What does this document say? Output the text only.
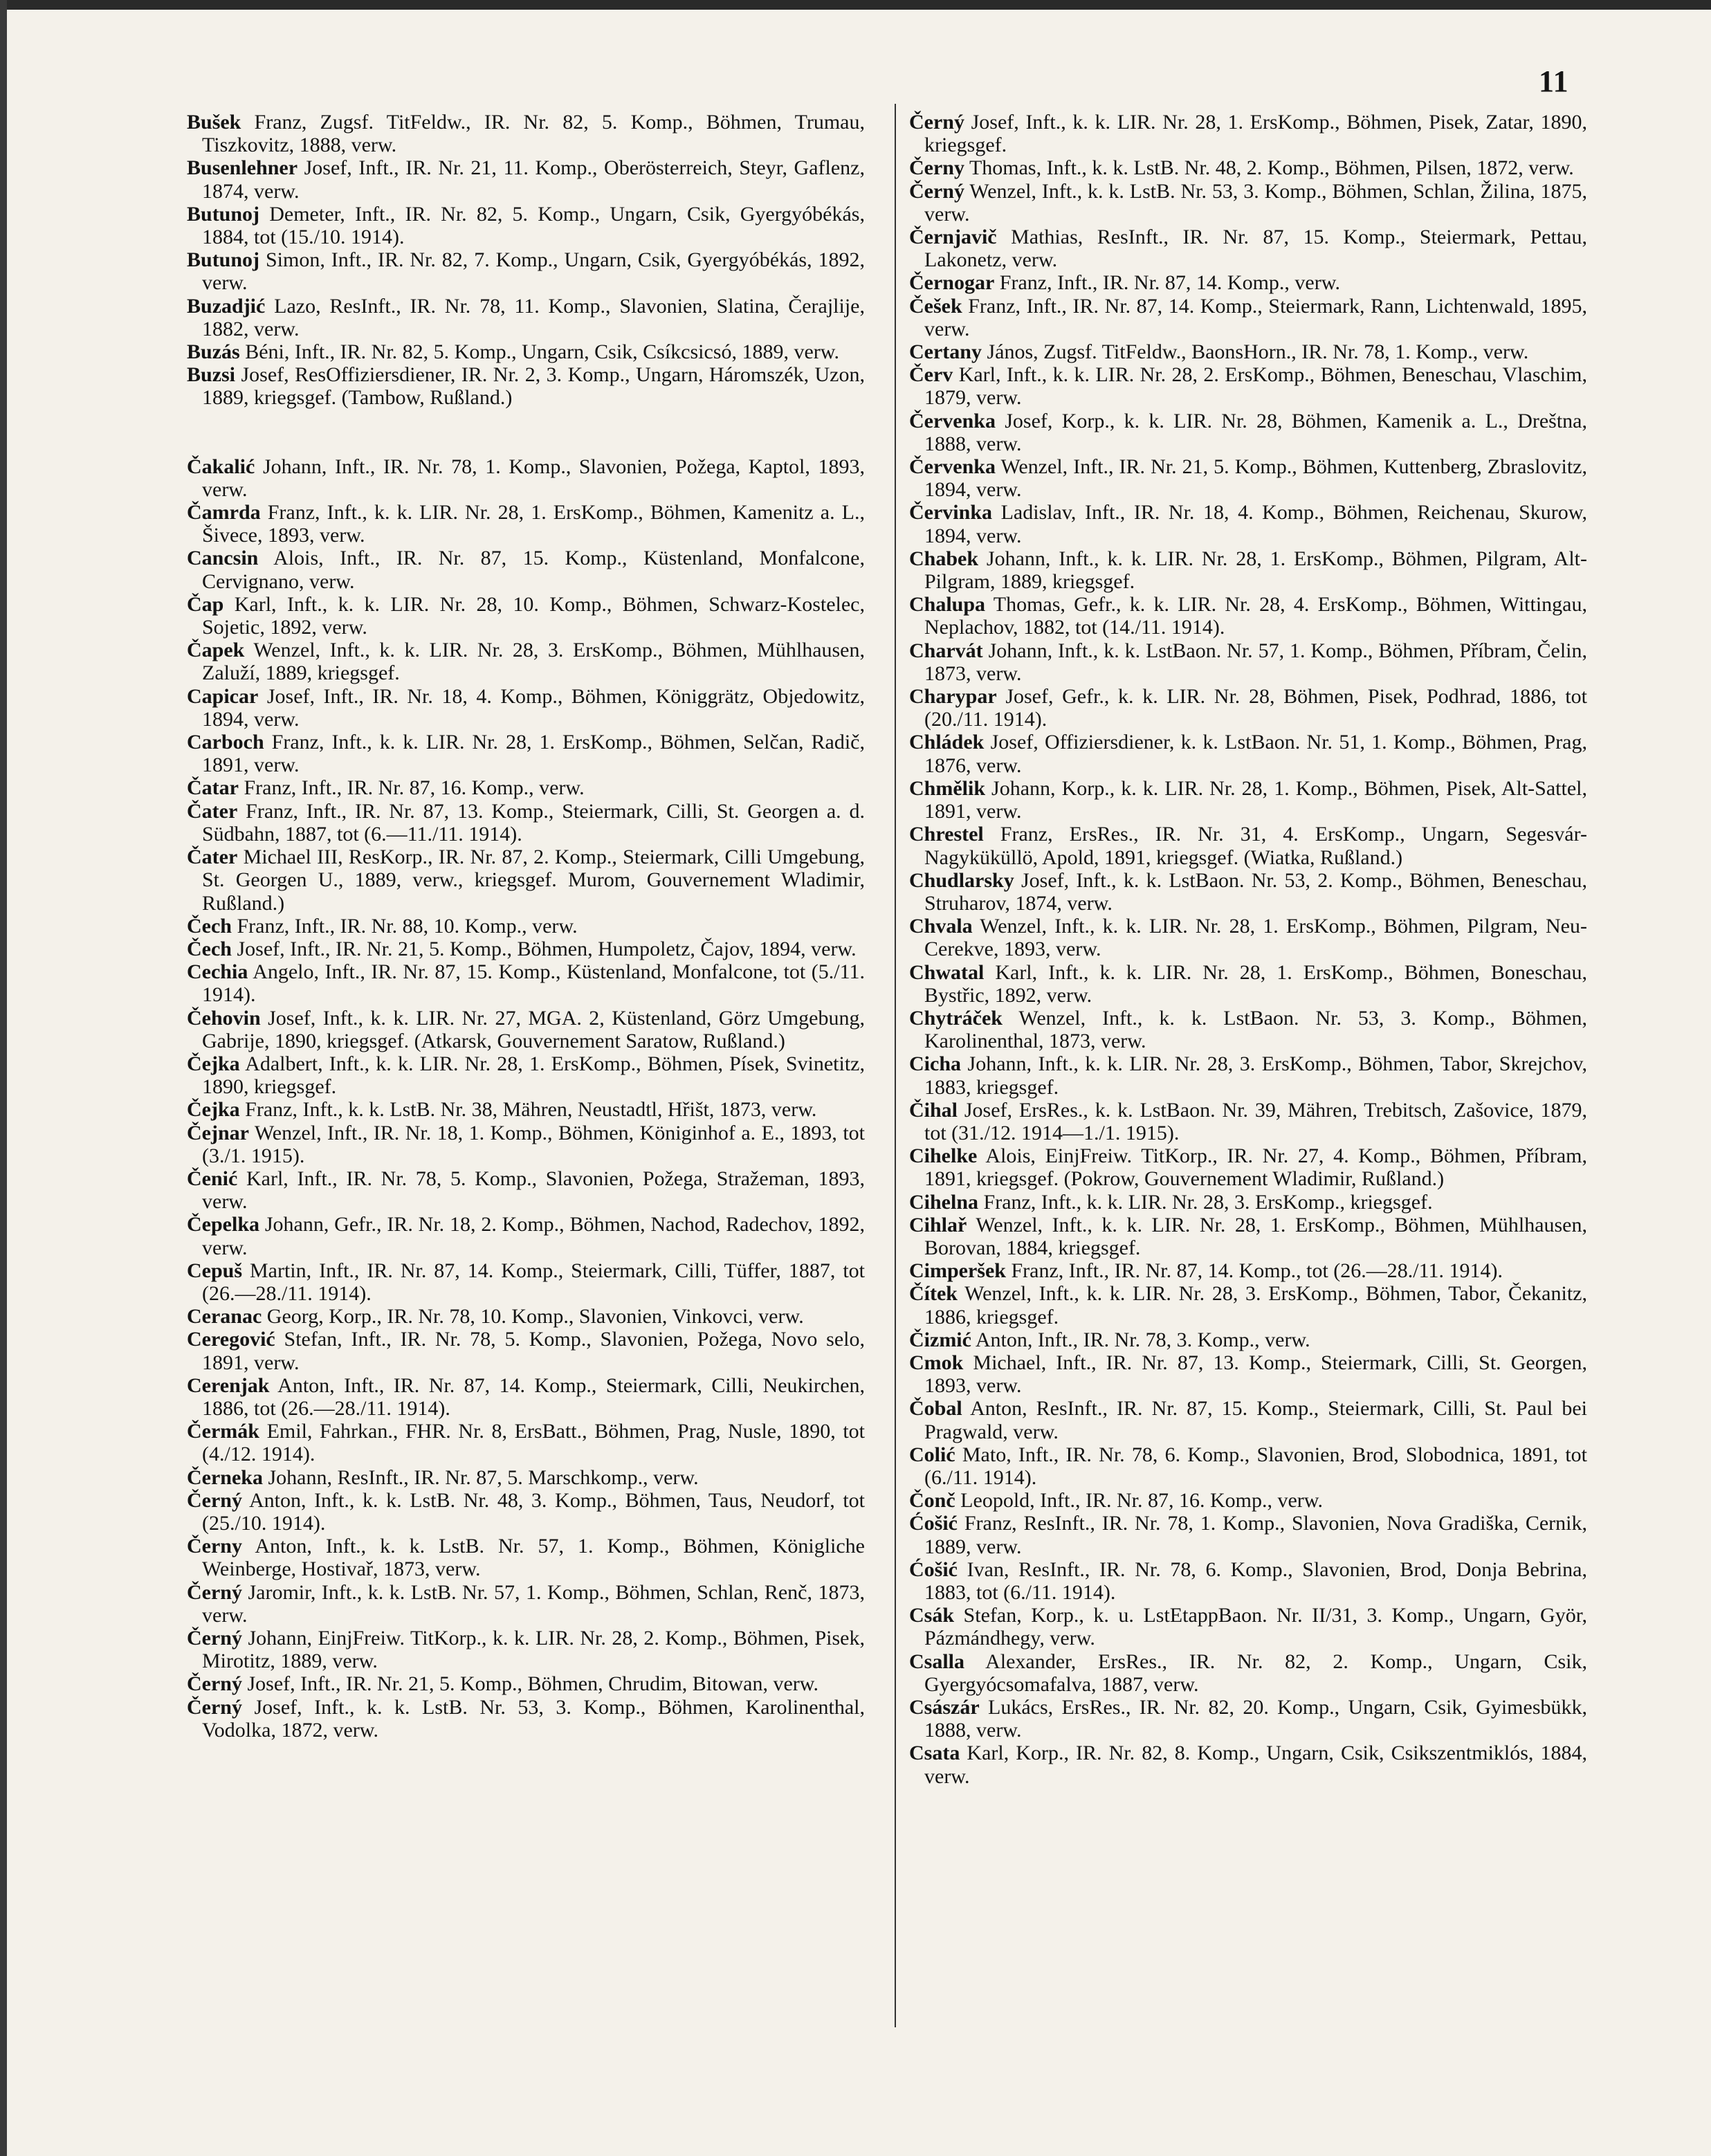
11
Bušek Franz, Zugsf. TitFeldw., IR. Nr. 82, 5. Komp., Böhmen, Trumau, Tiszkovitz, 1888, verw.
Busenlehner Josef, Inft., IR. Nr. 21, 11. Komp., Oberösterreich, Steyr, Gaflenz, 1874, verw.
Butunoj Demeter, Inft., IR. Nr. 82, 5. Komp., Ungarn, Csik, Gyergyóbékás, 1884, tot (15./10. 1914).
Butunoj Simon, Inft., IR. Nr. 82, 7. Komp., Ungarn, Csik, Gyergyóbékás, 1892, verw.
Buzadjić Lazo, ResInft., IR. Nr. 78, 11. Komp., Slavonien, Slatina, Čerajlije, 1882, verw.
Buzás Béni, Inft., IR. Nr. 82, 5. Komp., Ungarn, Csik, Csíkcsicsó, 1889, verw.
Buzsi Josef, ResOffiziersdiener, IR. Nr. 2, 3. Komp., Ungarn, Háromszék, Uzon, 1889, kriegsgef. (Tambow, Rußland.)
Čakalić Johann, Inft., IR. Nr. 78, 1. Komp., Slavonien, Požega, Kaptol, 1893, verw.
Čamrda Franz, Inft., k. k. LIR. Nr. 28, 1. ErsKomp., Böhmen, Kamenitz a. L., Šivece, 1893, verw.
Cancsin Alois, Inft., IR. Nr. 87, 15. Komp., Küstenland, Monfalcone, Cervignano, verw.
Čap Karl, Inft., k. k. LIR. Nr. 28, 10. Komp., Böhmen, Schwarz-Kostelec, Sojetic, 1892, verw.
Čapek Wenzel, Inft., k. k. LIR. Nr. 28, 3. ErsKomp., Böhmen, Mühlhausen, Zaluží, 1889, kriegsgef.
Capicar Josef, Inft., IR. Nr. 18, 4. Komp., Böhmen, Königgrätz, Objedowitz, 1894, verw.
Carboch Franz, Inft., k. k. LIR. Nr. 28, 1. ErsKomp., Böhmen, Selčan, Radič, 1891, verw.
Čatar Franz, Inft., IR. Nr. 87, 16. Komp., verw.
Čater Franz, Inft., IR. Nr. 87, 13. Komp., Steiermark, Cilli, St. Georgen a. d. Südbahn, 1887, tot (6.—11./11. 1914).
Čater Michael III, ResKorp., IR. Nr. 87, 2. Komp., Steiermark, Cilli Umgebung, St. Georgen U., 1889, verw., kriegsgef. Murom, Gouvernement Wladimir, Rußland.)
Čech Franz, Inft., IR. Nr. 88, 10. Komp., verw.
Čech Josef, Inft., IR. Nr. 21, 5. Komp., Böhmen, Humpoletz, Čajov, 1894, verw.
Cechia Angelo, Inft., IR. Nr. 87, 15. Komp., Küstenland, Monfalcone, tot (5./11. 1914).
Čehovin Josef, Inft., k. k. LIR. Nr. 27, MGA. 2, Küstenland, Görz Umgebung, Gabrije, 1890, kriegsgef. (Atkarsk, Gouvernement Saratow, Rußland.)
Čejka Adalbert, Inft., k. k. LIR. Nr. 28, 1. ErsKomp., Böhmen, Písek, Svinetitz, 1890, kriegsgef.
Čejka Franz, Inft., k. k. LstB. Nr. 38, Mähren, Neustadtl, Hřišt, 1873, verw.
Čejnar Wenzel, Inft., IR. Nr. 18, 1. Komp., Böhmen, Königinhof a. E., 1893, tot (3./1. 1915).
Čenić Karl, Inft., IR. Nr. 78, 5. Komp., Slavonien, Požega, Stražeman, 1893, verw.
Čepelka Johann, Gefr., IR. Nr. 18, 2. Komp., Böhmen, Nachod, Radechov, 1892, verw.
Cepuš Martin, Inft., IR. Nr. 87, 14. Komp., Steiermark, Cilli, Tüffer, 1887, tot (26.—28./11. 1914).
Ceranac Georg, Korp., IR. Nr. 78, 10. Komp., Slavonien, Vinkovci, verw.
Ceregović Stefan, Inft., IR. Nr. 78, 5. Komp., Slavonien, Požega, Novo selo, 1891, verw.
Cerenjak Anton, Inft., IR. Nr. 87, 14. Komp., Steiermark, Cilli, Neukirchen, 1886, tot (26.—28./11. 1914).
Čermák Emil, Fahrkan., FHR. Nr. 8, ErsBatt., Böhmen, Prag, Nusle, 1890, tot (4./12. 1914).
Černeka Johann, ResInft., IR. Nr. 87, 5. Marschkomp., verw.
Černý Anton, Inft., k. k. LstB. Nr. 48, 3. Komp., Böhmen, Taus, Neudorf, tot (25./10. 1914).
Černy Anton, Inft., k. k. LstB. Nr. 57, 1. Komp., Böhmen, Königliche Weinberge, Hostivař, 1873, verw.
Černý Jaromir, Inft., k. k. LstB. Nr. 57, 1. Komp., Böhmen, Schlan, Renč, 1873, verw.
Černý Johann, EinjFreiw. TitKorp., k. k. LIR. Nr. 28, 2. Komp., Böhmen, Pisek, Mirotitz, 1889, verw.
Černý Josef, Inft., IR. Nr. 21, 5. Komp., Böhmen, Chrudim, Bitowan, verw.
Černý Josef, Inft., k. k. LstB. Nr. 53, 3. Komp., Böhmen, Karolinenthal, Vodolka, 1872, verw.
Černý Josef, Inft., k. k. LIR. Nr. 28, 1. ErsKomp., Böhmen, Pisek, Zatar, 1890, kriegsgef.
Černy Thomas, Inft., k. k. LstB. Nr. 48, 2. Komp., Böhmen, Pilsen, 1872, verw.
Černý Wenzel, Inft., k. k. LstB. Nr. 53, 3. Komp., Böhmen, Schlan, Žilina, 1875, verw.
Černjavič Mathias, ResInft., IR. Nr. 87, 15. Komp., Steiermark, Pettau, Lakonetz, verw.
Černogar Franz, Inft., IR. Nr. 87, 14. Komp., verw.
Češek Franz, Inft., IR. Nr. 87, 14. Komp., Steiermark, Rann, Lichtenwald, 1895, verw.
Certany János, Zugsf. TitFeldw., BaonsHorn., IR. Nr. 78, 1. Komp., verw.
Červ Karl, Inft., k. k. LIR. Nr. 28, 2. ErsKomp., Böhmen, Beneschau, Vlaschim, 1879, verw.
Červenka Josef, Korp., k. k. LIR. Nr. 28, Böhmen, Kamenik a. L., Dreštna, 1888, verw.
Červenka Wenzel, Inft., IR. Nr. 21, 5. Komp., Böhmen, Kuttenberg, Zbraslovitz, 1894, verw.
Červinka Ladislav, Inft., IR. Nr. 18, 4. Komp., Böhmen, Reichenau, Skurow, 1894, verw.
Chabek Johann, Inft., k. k. LIR. Nr. 28, 1. ErsKomp., Böhmen, Pilgram, Alt-Pilgram, 1889, kriegsgef.
Chalupa Thomas, Gefr., k. k. LIR. Nr. 28, 4. ErsKomp., Böhmen, Wittingau, Neplachov, 1882, tot (14./11. 1914).
Charvát Johann, Inft., k. k. LstBaon. Nr. 57, 1. Komp., Böhmen, Příbram, Čelin, 1873, verw.
Charypar Josef, Gefr., k. k. LIR. Nr. 28, Böhmen, Pisek, Podhrad, 1886, tot (20./11. 1914).
Chládek Josef, Offiziersdiener, k. k. LstBaon. Nr. 51, 1. Komp., Böhmen, Prag, 1876, verw.
Chmělik Johann, Korp., k. k. LIR. Nr. 28, 1. Komp., Böhmen, Pisek, Alt-Sattel, 1891, verw.
Chrestel Franz, ErsRes., IR. Nr. 31, 4. ErsKomp., Ungarn, Segesvár-Nagyküküllö, Apold, 1891, kriegsgef. (Wiatka, Rußland.)
Chudlarsky Josef, Inft., k. k. LstBaon. Nr. 53, 2. Komp., Böhmen, Beneschau, Struharov, 1874, verw.
Chvala Wenzel, Inft., k. k. LIR. Nr. 28, 1. ErsKomp., Böhmen, Pilgram, Neu-Cerekve, 1893, verw.
Chwatal Karl, Inft., k. k. LIR. Nr. 28, 1. ErsKomp., Böhmen, Boneschau, Bystřic, 1892, verw.
Chytráček Wenzel, Inft., k. k. LstBaon. Nr. 53, 3. Komp., Böhmen, Karolinenthal, 1873, verw.
Cicha Johann, Inft., k. k. LIR. Nr. 28, 3. ErsKomp., Böhmen, Tabor, Skrejchov, 1883, kriegsgef.
Čihal Josef, ErsRes., k. k. LstBaon. Nr. 39, Mähren, Trebitsch, Zašovice, 1879, tot (31./12. 1914—1./1. 1915).
Cihelke Alois, EinjFreiw. TitKorp., IR. Nr. 27, 4. Komp., Böhmen, Příbram, 1891, kriegsgef. (Pokrow, Gouvernement Wladimir, Rußland.)
Cihelna Franz, Inft., k. k. LIR. Nr. 28, 3. ErsKomp., kriegsgef.
Cihlař Wenzel, Inft., k. k. LIR. Nr. 28, 1. ErsKomp., Böhmen, Mühlhausen, Borovan, 1884, kriegsgef.
Cimperšek Franz, Inft., IR. Nr. 87, 14. Komp., tot (26.—28./11. 1914).
Čítek Wenzel, Inft., k. k. LIR. Nr. 28, 3. ErsKomp., Böhmen, Tabor, Čekanitz, 1886, kriegsgef.
Čizmić Anton, Inft., IR. Nr. 78, 3. Komp., verw.
Cmok Michael, Inft., IR. Nr. 87, 13. Komp., Steiermark, Cilli, St. Georgen, 1893, verw.
Čobal Anton, ResInft., IR. Nr. 87, 15. Komp., Steiermark, Cilli, St. Paul bei Pragwald, verw.
Colić Mato, Inft., IR. Nr. 78, 6. Komp., Slavonien, Brod, Slobodnica, 1891, tot (6./11. 1914).
Čonč Leopold, Inft., IR. Nr. 87, 16. Komp., verw.
Ćošić Franz, ResInft., IR. Nr. 78, 1. Komp., Slavonien, Nova Gradiška, Cernik, 1889, verw.
Ćošić Ivan, ResInft., IR. Nr. 78, 6. Komp., Slavonien, Brod, Donja Bebrina, 1883, tot (6./11. 1914).
Csák Stefan, Korp., k. u. LstEtappBaon. Nr. II/31, 3. Komp., Ungarn, Györ, Pázmándhegy, verw.
Csalla Alexander, ErsRes., IR. Nr. 82, 2. Komp., Ungarn, Csik, Gyergyócsomafalva, 1887, verw.
Császár Lukács, ErsRes., IR. Nr. 82, 20. Komp., Ungarn, Csik, Gyimesbükk, 1888, verw.
Csata Karl, Korp., IR. Nr. 82, 8. Komp., Ungarn, Csik, Csikszentmiklós, 1884, verw.
